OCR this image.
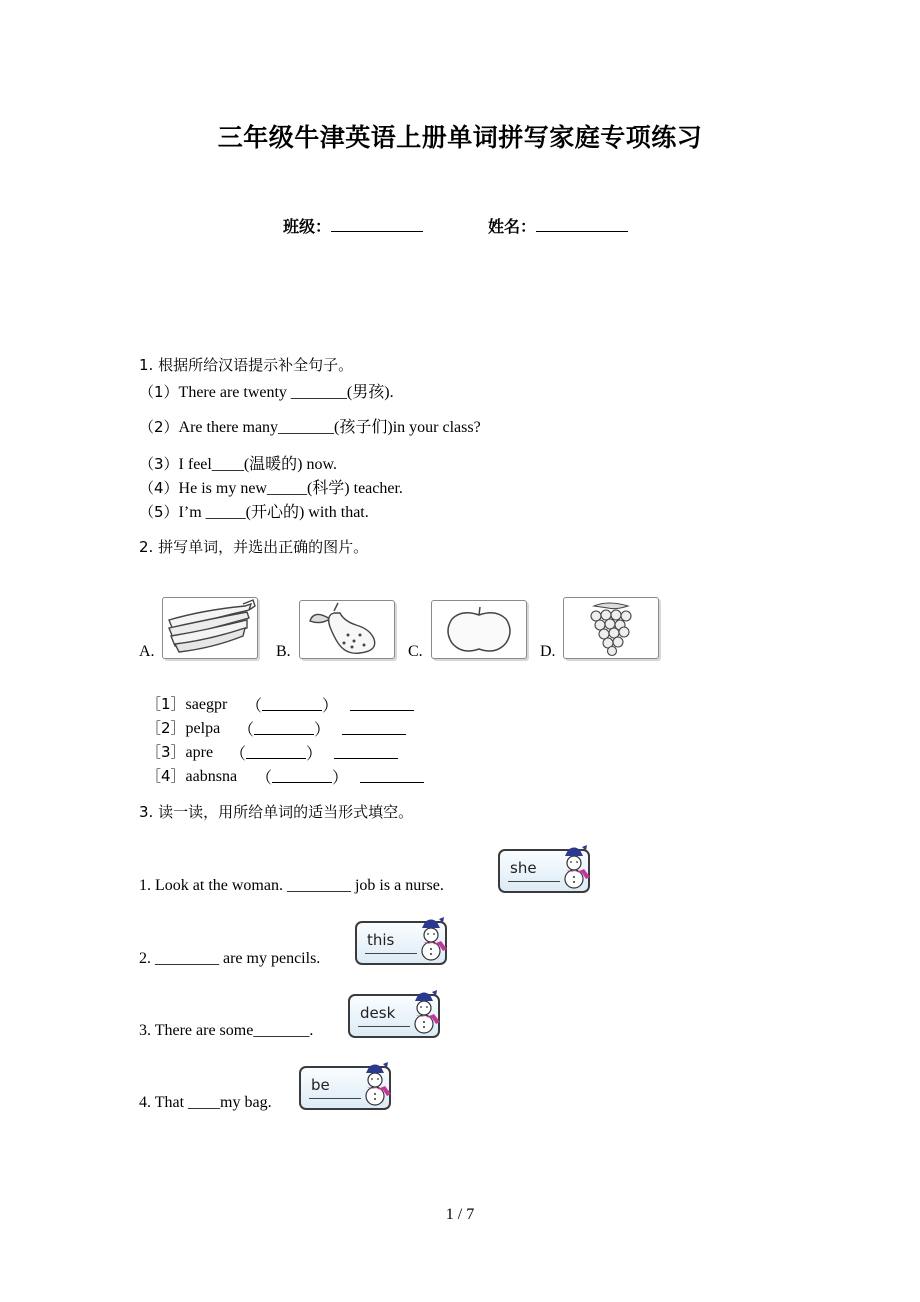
三年级牛津英语上册单词拼写家庭专项练习
班级：	姓名：
1. 根据所给汉语提示补全句子。
（1）There are twenty _______(男孩).
（2）Are there many_______(孩子们)in your class?
（3）I feel____(温暖的) now.
（4）He is my new_____(科学) teacher.
（5）I’m _____(开心的) with that.
2. 拼写单词，并选出正确的图片。
A.	B.	C.	D.
［1］saegpr （	）
［2］pelpa （	）
［3］apre （	）
［4］aabnsna （	）
3. 读一读，用所给单词的适当形式填空。
1. Look at the woman. ________ job is a nurse.
she
2. ________ are my pencils.
this
3. There are some_______.
desk
4. That ____my bag.
be
1 / 7
